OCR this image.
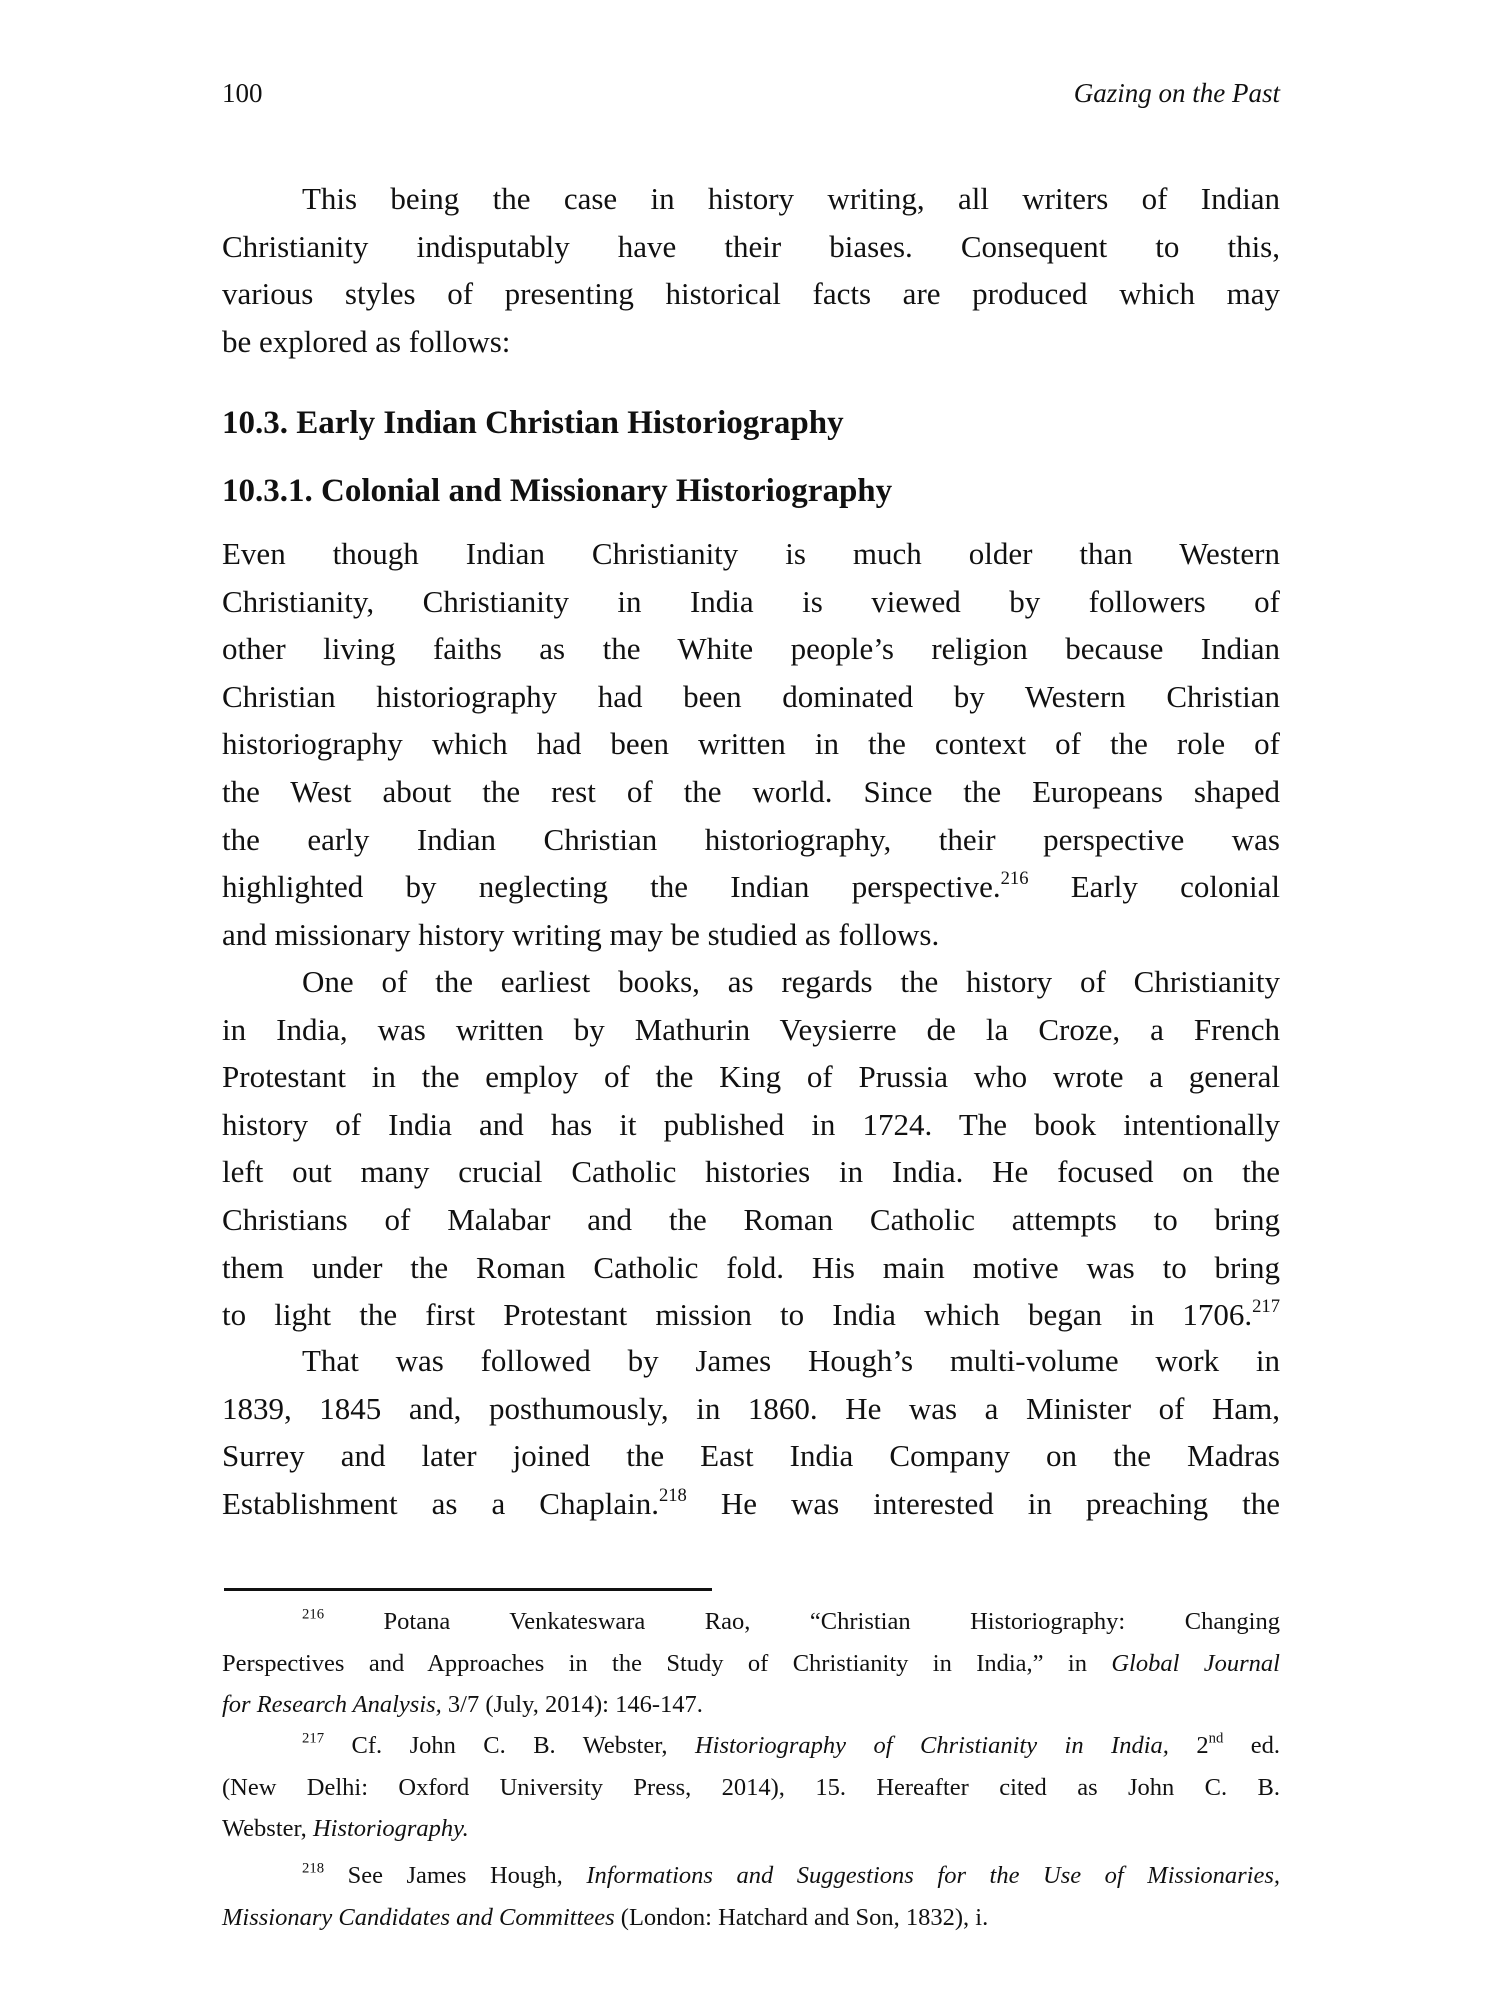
100	Gazing on the Past
This being the case in history writing, all writers of Indian
Christianity indisputably have their biases. Consequent to this,
various styles of presenting historical facts are produced which may
be explored as follows:
10.3. Early Indian Christian Historiography
10.3.1. Colonial and Missionary Historiography
Even though Indian Christianity is much older than Western
Christianity, Christianity in India is viewed by followers of
other living faiths as the White people’s religion because Indian
Christian historiography had been dominated by Western Christian
historiography which had been written in the context of the role of
the West about the rest of the world. Since the Europeans shaped
the early Indian Christian historiography, their perspective was
highlighted by neglecting the Indian perspective.$^{216}$ Early colonial
and missionary history writing may be studied as follows.
One of the earliest books, as regards the history of Christianity
in India, was written by Mathurin Veysierre de la Croze, a French
Protestant in the employ of the King of Prussia who wrote a general
history of India and has it published in 1724. The book intentionally
left out many crucial Catholic histories in India. He focused on the
Christians of Malabar and the Roman Catholic attempts to bring
them under the Roman Catholic fold. His main motive was to bring
to light the first Protestant mission to India which began in 1706.$^{217}$
That was followed by James Hough’s multi-volume work in
1839, 1845 and, posthumously, in 1860. He was a Minister of Ham,
Surrey and later joined the East India Company on the Madras
Establishment as a Chaplain.$^{218}$ He was interested in preaching the
$^{216}$ Potana Venkateswara Rao, “Christian Historiography: Changing
Perspectives and Approaches in the Study of Christianity in India,” in Global Journal
for Research Analysis, 3/7 (July, 2014): 146-147.
$^{217}$ Cf. John C. B. Webster, Historiography of Christianity in India, 2nd ed.
(New Delhi: Oxford University Press, 2014), 15. Hereafter cited as John C. B.
Webster, Historiography.
$^{218}$ See James Hough, Informations and Suggestions for the Use of Missionaries,
Missionary Candidates and Committees (London: Hatchard and Son, 1832), i.
